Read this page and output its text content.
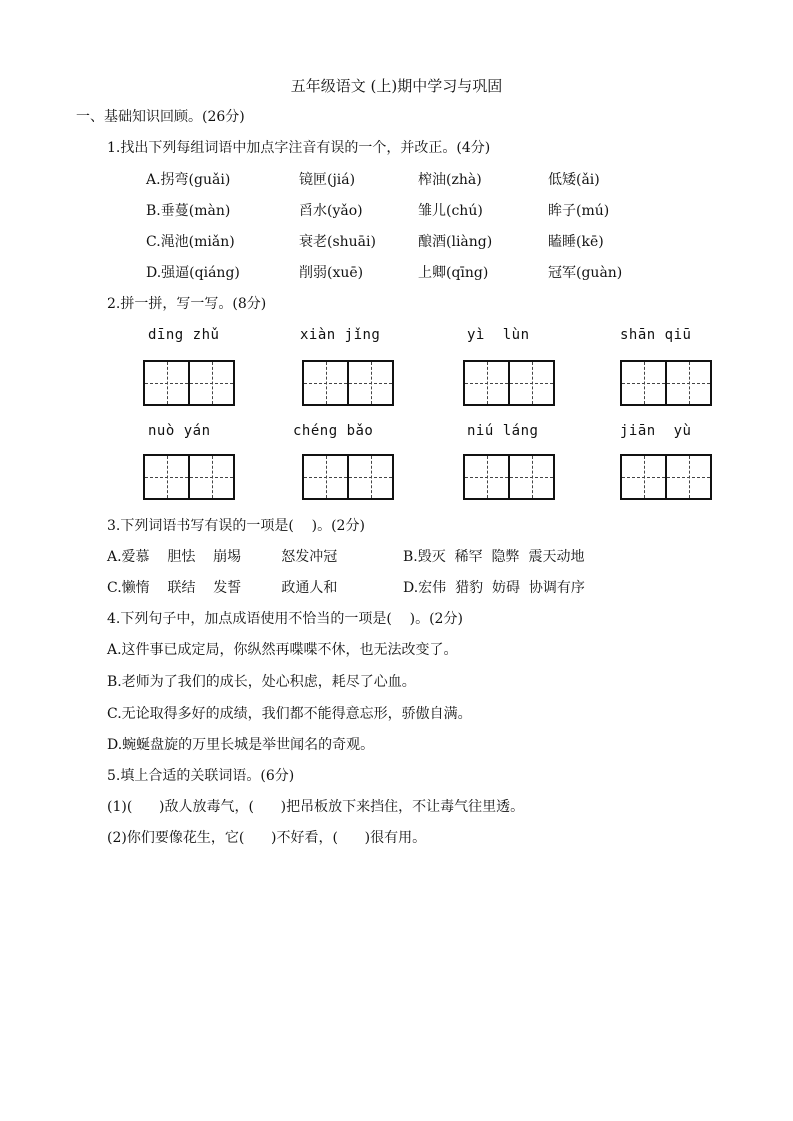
五年级语文 (上)期中学习与巩固
一、基础知识回顾。(26分)
1.找出下列每组词语中加点字注音有误的一个，并改正。(4分)
A.拐弯(guǎi)	镜匣(jiá)	榨油(zhà)	低矮(ǎi)
B.垂蔓(màn)	舀水(yǎo)	雏儿(chú)	眸子(mú)
C.渑池(miǎn)	衰老(shuāi)	酿酒(liàng)	瞌睡(kē)
D.强逼(qiáng)	削弱(xuē)	上卿(qīng)	冠军(guàn)
2.拼一拼，写一写。(8分)
dīng zhǔ	xiàn jǐng	yì  lùn	shān qiū
nuò yán	chéng bǎo	niú láng	jiān  yù
3.下列词语书写有误的一项是(    )。(2分)
A.爱慕    胆怯    崩埸         怒发冲冠	B.毁灭  稀罕  隐弊  震天动地
C.懒惰    联结    发誓         政通人和	D.宏伟  猎豹  妨碍  协调有序
4.下列句子中，加点成语使用不恰当的一项是(    )。(2分)
A.这件事已成定局，你纵然再喋喋不休，也无法改变了。
B.老师为了我们的成长，处心积虑，耗尽了心血。
C.无论取得多好的成绩，我们都不能得意忘形，骄傲自满。
D.蜿蜒盘旋的万里长城是举世闻名的奇观。
5.填上合适的关联词语。(6分)
(1)(      )敌人放毒气，(      )把吊板放下来挡住，不让毒气往里透。
(2)你们要像花生，它(      )不好看，(      )很有用。
